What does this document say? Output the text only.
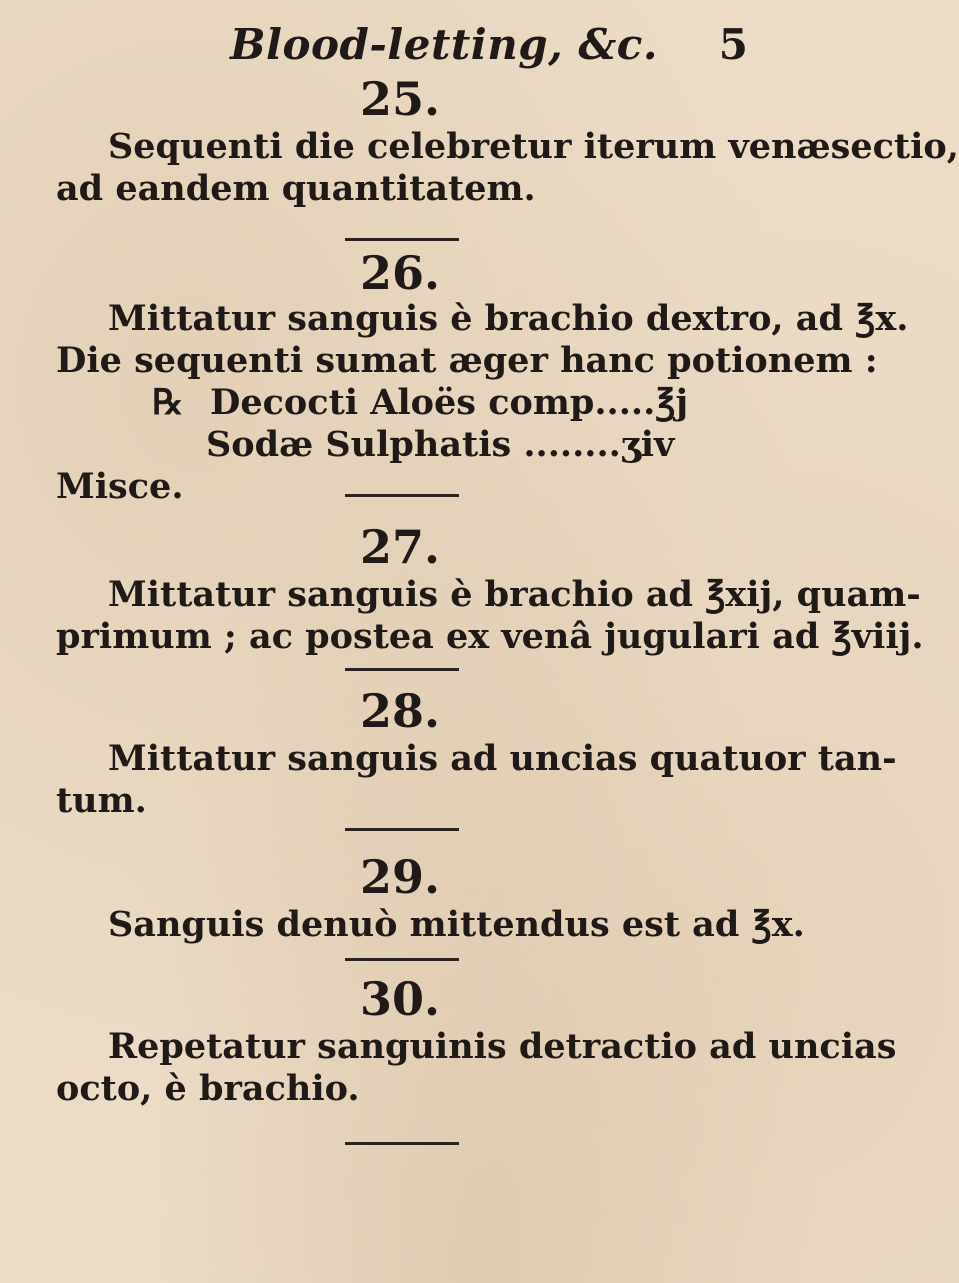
Blood-letting, &c. 5
25.
Sequenti die celebretur iterum venæsectio,
ad eandem quantitatem.
26.
Mittatur sanguis è brachio dextro, ad ℥x.
Die sequenti sumat æger hanc potionem :
℞ Decocti Aloës comp.....℥j
Sodæ Sulphatis ........ʒiv
Misce.
27.
Mittatur sanguis è brachio ad ℥xij, quam-
primum ; ac postea ex venâ jugulari ad ℥viij.
28.
Mittatur sanguis ad uncias quatuor tan-
tum.
29.
Sanguis denuò mittendus est ad ℥x.
30.
Repetatur sanguinis detractio ad uncias
octo, è brachio.
